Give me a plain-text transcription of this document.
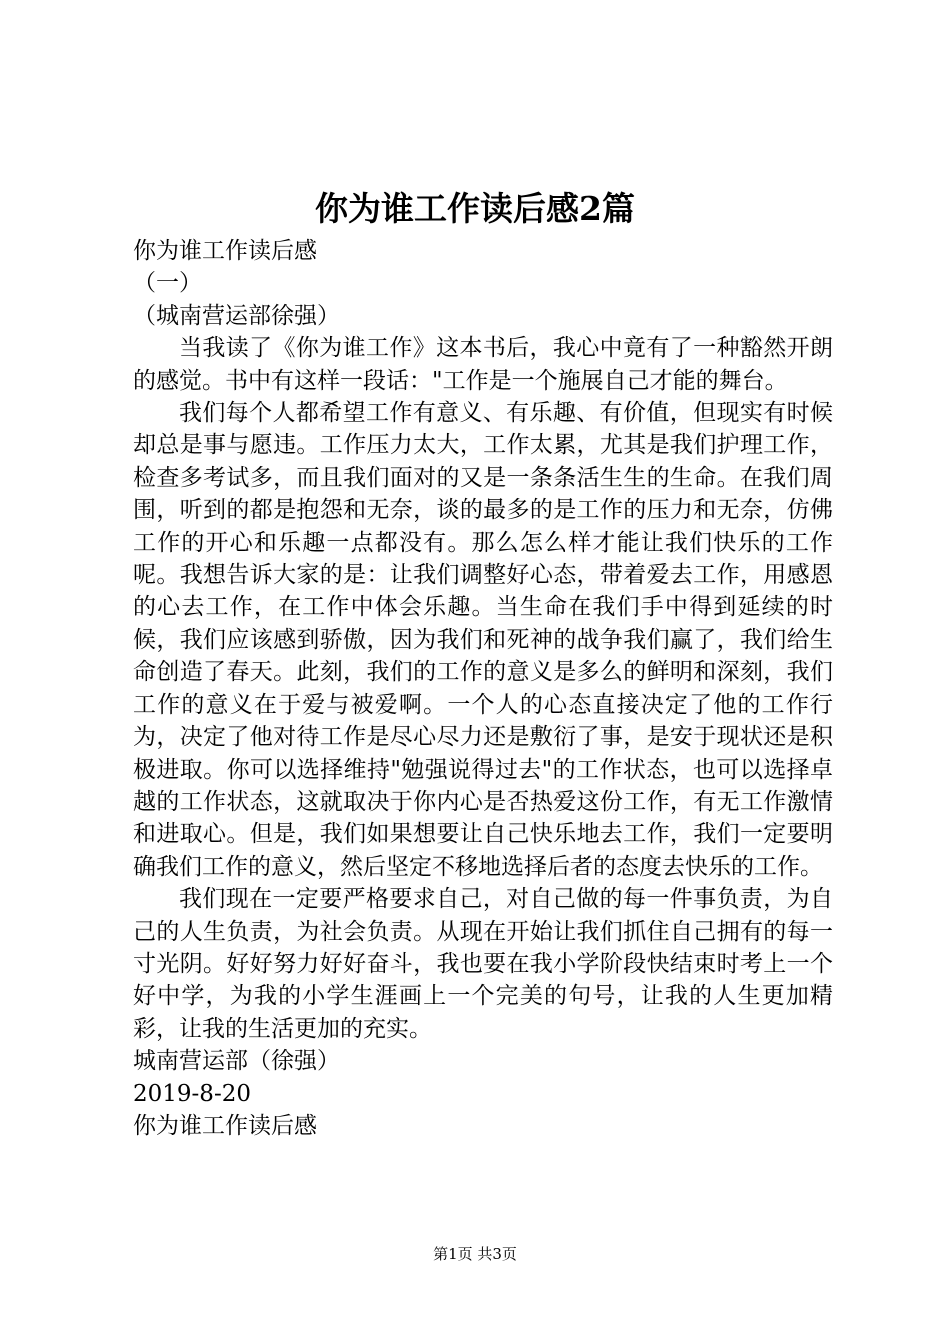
你为谁工作读后感2篇

你为谁工作读后感

（一）

（城南营运部徐强）

当我读了《你为谁工作》这本书后，我心中竟有了一种豁然开朗的感觉。书中有这样一段话："工作是一个施展自己才能的舞台。

我们每个人都希望工作有意义、有乐趣、有价值，但现实有时候却总是事与愿违。工作压力太大，工作太累，尤其是我们护理工作，检查多考试多，而且我们面对的又是一条条活生生的生命。在我们周围，听到的都是抱怨和无奈，谈的最多的是工作的压力和无奈，仿佛工作的开心和乐趣一点都没有。那么怎么样才能让我们快乐的工作呢。我想告诉大家的是：让我们调整好心态，带着爱去工作，用感恩的心去工作，在工作中体会乐趣。当生命在我们手中得到延续的时候，我们应该感到骄傲，因为我们和死神的战争我们赢了，我们给生命创造了春天。此刻，我们的工作的意义是多么的鲜明和深刻，我们工作的意义在于爱与被爱啊。一个人的心态直接决定了他的工作行为，决定了他对待工作是尽心尽力还是敷衍了事，是安于现状还是积极进取。你可以选择维持"勉强说得过去"的工作状态，也可以选择卓越的工作状态，这就取决于你内心是否热爱这份工作，有无工作激情和进取心。但是，我们如果想要让自己快乐地去工作，我们一定要明确我们工作的意义，然后坚定不移地选择后者的态度去快乐的工作。

我们现在一定要严格要求自己，对自己做的每一件事负责，为自己的人生负责，为社会负责。从现在开始让我们抓住自己拥有的每一寸光阴。好好努力好好奋斗，我也要在我小学阶段快结束时考上一个好中学，为我的小学生涯画上一个完美的句号，让我的人生更加精彩，让我的生活更加的充实。

城南营运部（徐强）

2019-8-20

你为谁工作读后感

第1页 共3页
